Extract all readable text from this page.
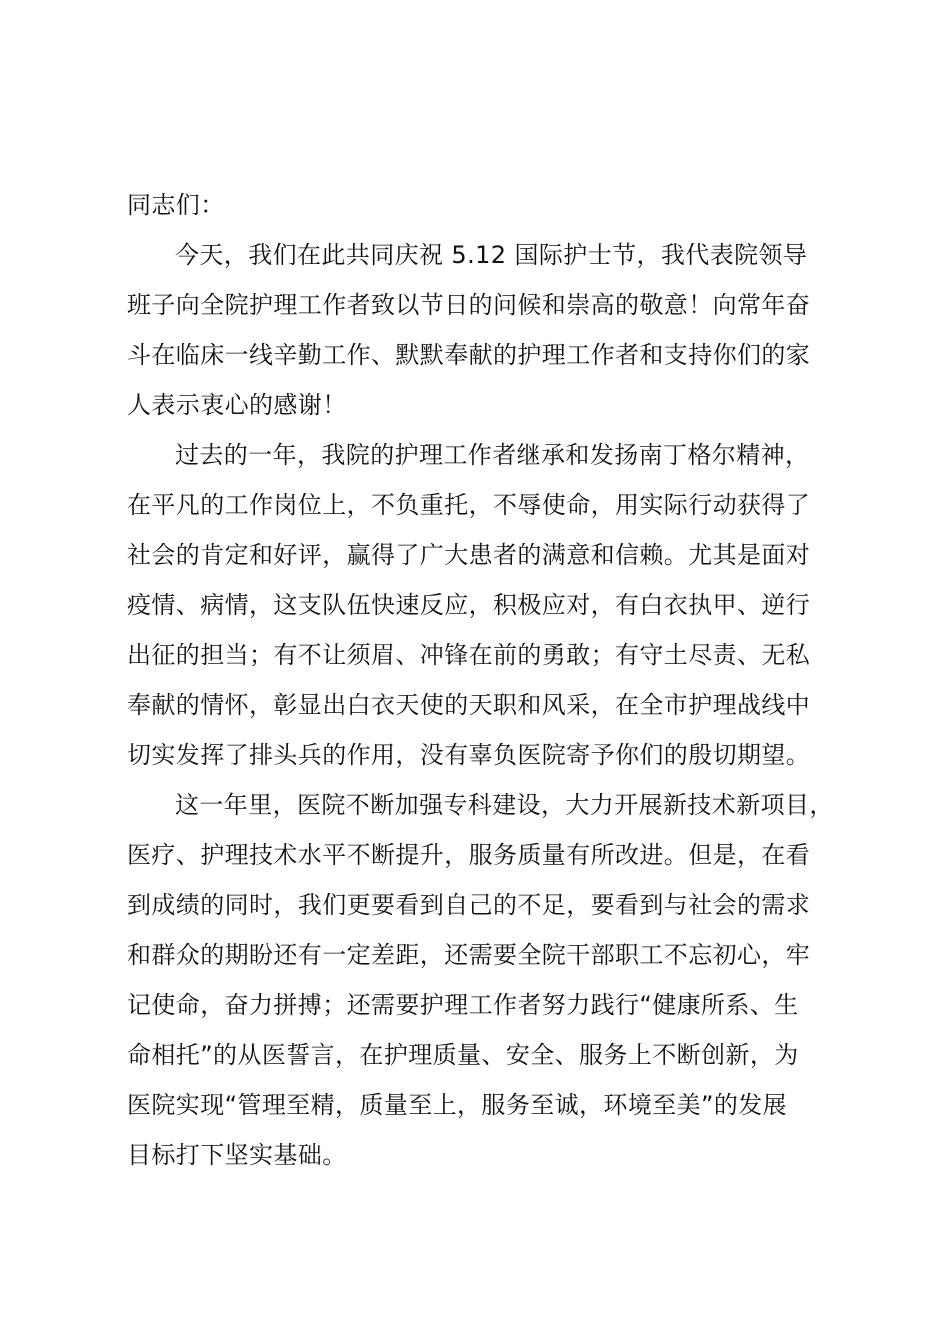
同志们：
今天，我们在此共同庆祝 5.12 国际护士节，我代表院领导
班子向全院护理工作者致以节日的问候和崇高的敬意！向常年奋
斗在临床一线辛勤工作、默默奉献的护理工作者和支持你们的家
人表示衷心的感谢！
过去的一年，我院的护理工作者继承和发扬南丁格尔精神，
在平凡的工作岗位上，不负重托，不辱使命，用实际行动获得了
社会的肯定和好评，赢得了广大患者的满意和信赖。尤其是面对
疫情、病情，这支队伍快速反应，积极应对，有白衣执甲、逆行
出征的担当；有不让须眉、冲锋在前的勇敢；有守土尽责、无私
奉献的情怀，彰显出白衣天使的天职和风采，在全市护理战线中
切实发挥了排头兵的作用，没有辜负医院寄予你们的殷切期望。
这一年里，医院不断加强专科建设，大力开展新技术新项目，
医疗、护理技术水平不断提升，服务质量有所改进。但是，在看
到成绩的同时，我们更要看到自己的不足，要看到与社会的需求
和群众的期盼还有一定差距，还需要全院干部职工不忘初心，牢
记使命，奋力拼搏；还需要护理工作者努力践行“健康所系、生
命相托”的从医誓言，在护理质量、安全、服务上不断创新，为
医院实现“管理至精，质量至上，服务至诚，环境至美”的发展
目标打下坚实基础。
